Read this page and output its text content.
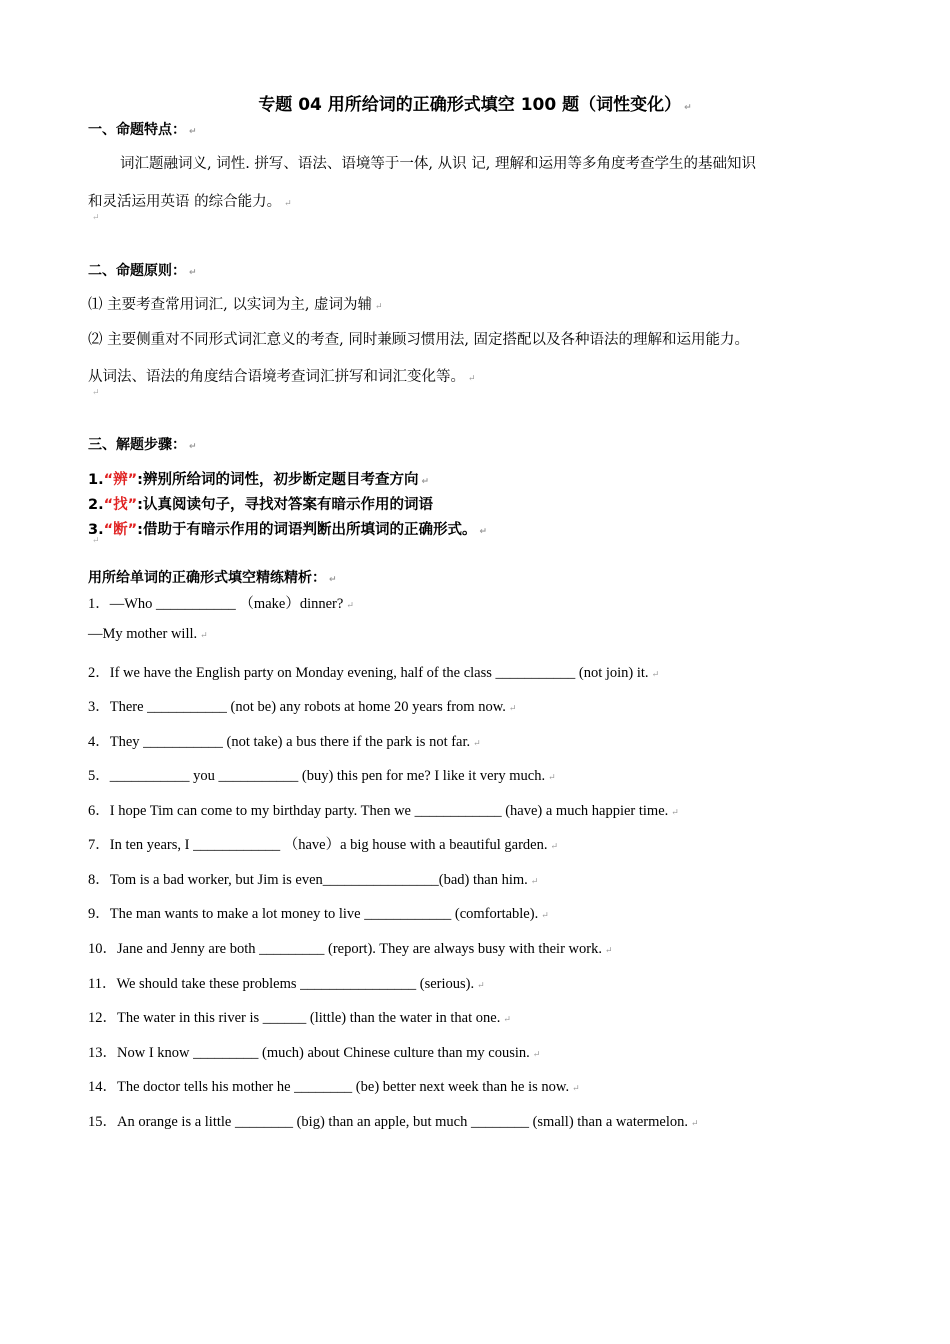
专题 04 用所给词的正确形式填空 100 题（词性变化） ↵
一、命题特点： ↵
词汇题融词义, 词性. 拼写、语法、语境等于一体, 从识 记, 理解和运用等多角度考查学生的基础知识
和灵活运用英语 的综合能力。 ↵
↵
二、命题原则： ↵
⑴ 主要考查常用词汇, 以实词为主, 虚词为辅 ↵
⑵ 主要侧重对不同形式词汇意义的考查, 同时兼顾习惯用法, 固定搭配以及各种语法的理解和运用能力。
从词法、语法的角度结合语境考查词汇拼写和词汇变化等。 ↵
↵
三、解题步骤： ↵
1.“辨”:辨别所给词的词性，初步断定题目考查方向 ↵
2.“找”:认真阅读句子，寻找对答案有暗示作用的词语
3.“断”:借助于有暗示作用的词语判断出所填词的正确形式。 ↵
↵
用所给单词的正确形式填空精练精析： ↵
1．—Who ___________ （make）dinner? ↵
—My mother will. ↵
2．If we have the English party on Monday evening, half of the class ___________ (not join) it. ↵
3．There ___________ (not be) any robots at home 20 years from now. ↵
4．They ___________ (not take) a bus there if the park is not far. ↵
5．___________ you ___________ (buy) this pen for me? I like it very much. ↵
6．I hope Tim can come to my birthday party. Then we ____________ (have) a much happier time. ↵
7．In ten years, I ____________ （have）a big house with a beautiful garden. ↵
8．Tom is a bad worker, but Jim is even________________(bad) than him. ↵
9．The man wants to make a lot money to live ____________ (comfortable). ↵
10．Jane and Jenny are both _________ (report). They are always busy with their work. ↵
11．We should take these problems ________________ (serious). ↵
12．The water in this river is ______ (little) than the water in that one. ↵
13．Now I know _________ (much) about Chinese culture than my cousin. ↵
14．The doctor tells his mother he ________ (be) better next week than he is now. ↵
15．An orange is a little ________ (big) than an apple, but much ________ (small) than a watermelon. ↵
